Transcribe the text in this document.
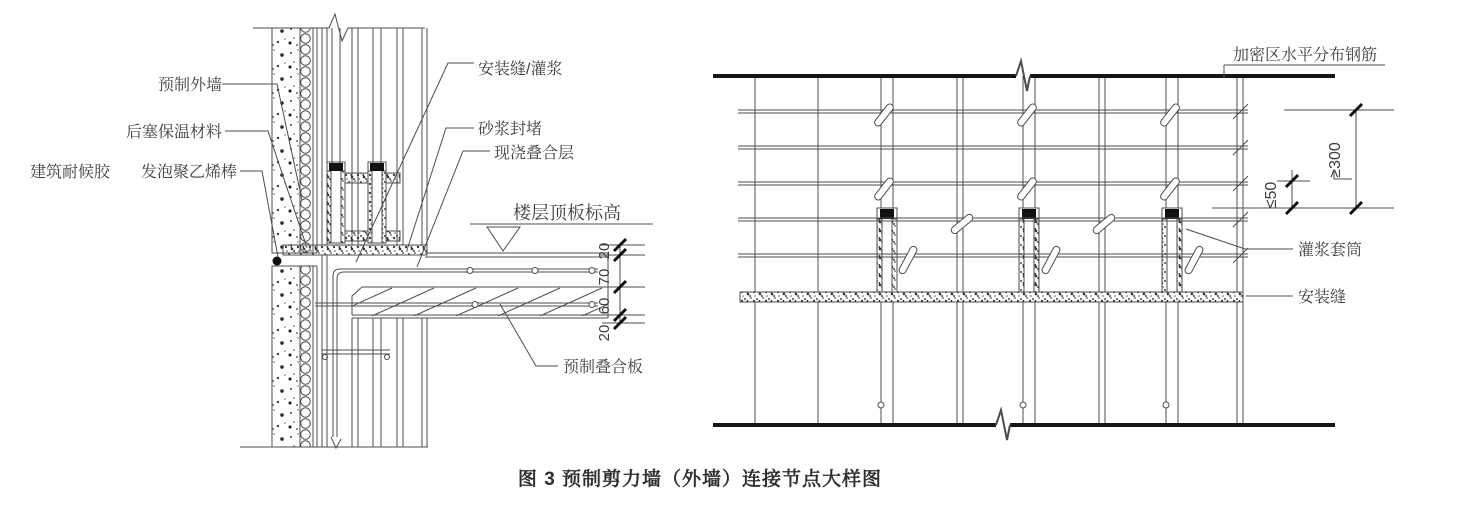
预制外墙
后塞保温材料
建筑耐候胶 发泡聚乙烯棒
安装缝/灌浆
砂浆封堵
现浇叠合层
楼层顶板标高
预制叠合板
20
70
60
20
加密区水平分布钢筋
灌浆套筒
安装缝
≥300
≤50
图 3 预制剪力墙（外墙）连接节点大样图
